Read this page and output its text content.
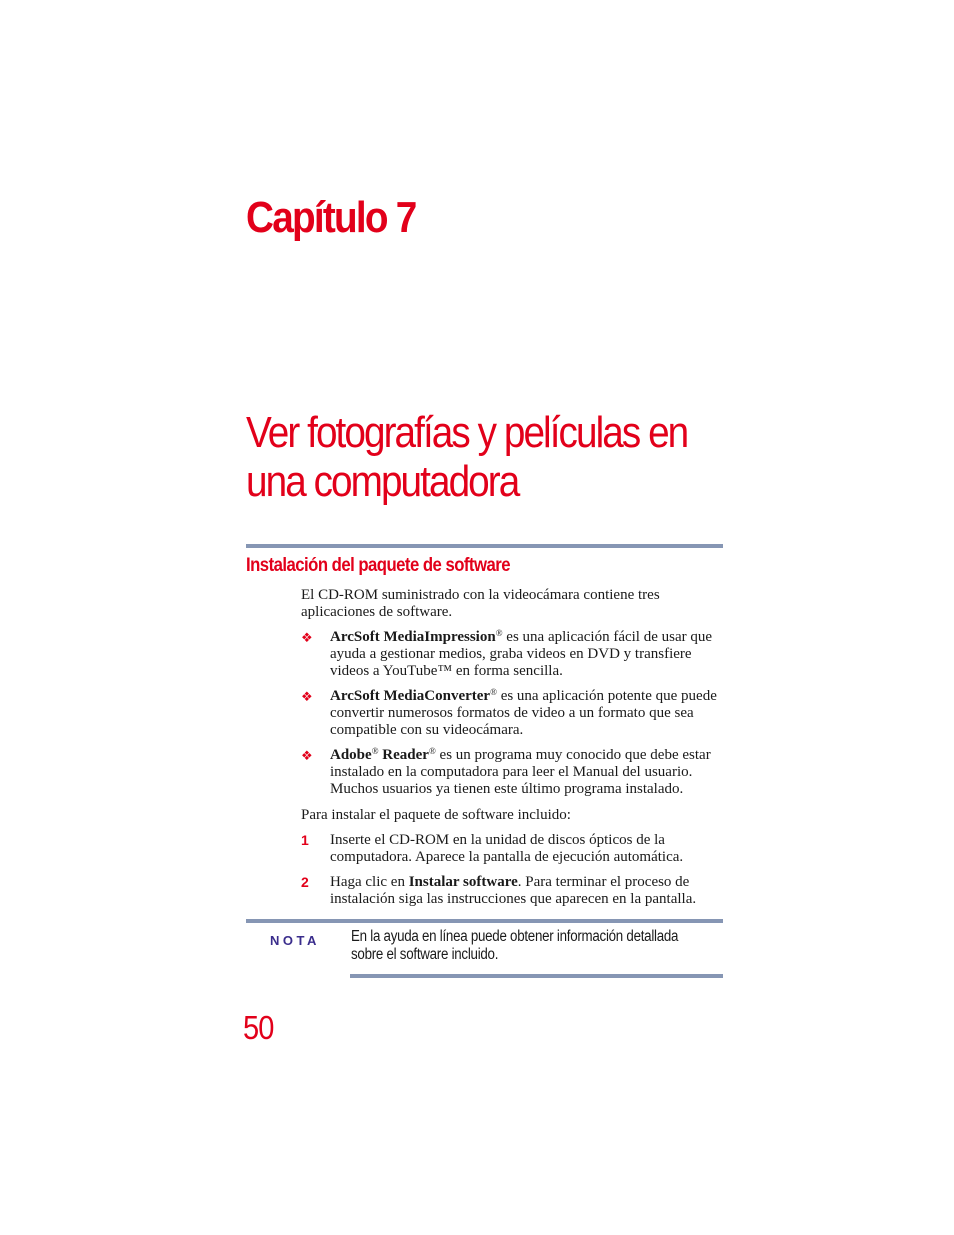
Capítulo 7
Ver fotografías y películas en
una computadora
Instalación del paquete de software

El CD-ROM suministrado con la videocámara contiene tres aplicaciones de software.

❖	ArcSoft MediaImpression® es una aplicación fácil de usar que ayuda a gestionar medios, graba videos en DVD y transfiere videos a YouTube™ en forma sencilla.
❖	ArcSoft MediaConverter® es una aplicación potente que puede convertir numerosos formatos de video a un formato que sea compatible con su videocámara.
❖	Adobe® Reader® es un programa muy conocido que debe estar instalado en la computadora para leer el Manual del usuario. Muchos usuarios ya tienen este último programa instalado.

Para instalar el paquete de software incluido:

1 Inserte el CD-ROM en la unidad de discos ópticos de la computadora. Aparece la pantalla de ejecución automática.
2 Haga clic en Instalar software. Para terminar el proceso de instalación siga las instrucciones que aparecen en la pantalla.
NOTA En la ayuda en línea puede obtener información detallada sobre el software incluido.
50
